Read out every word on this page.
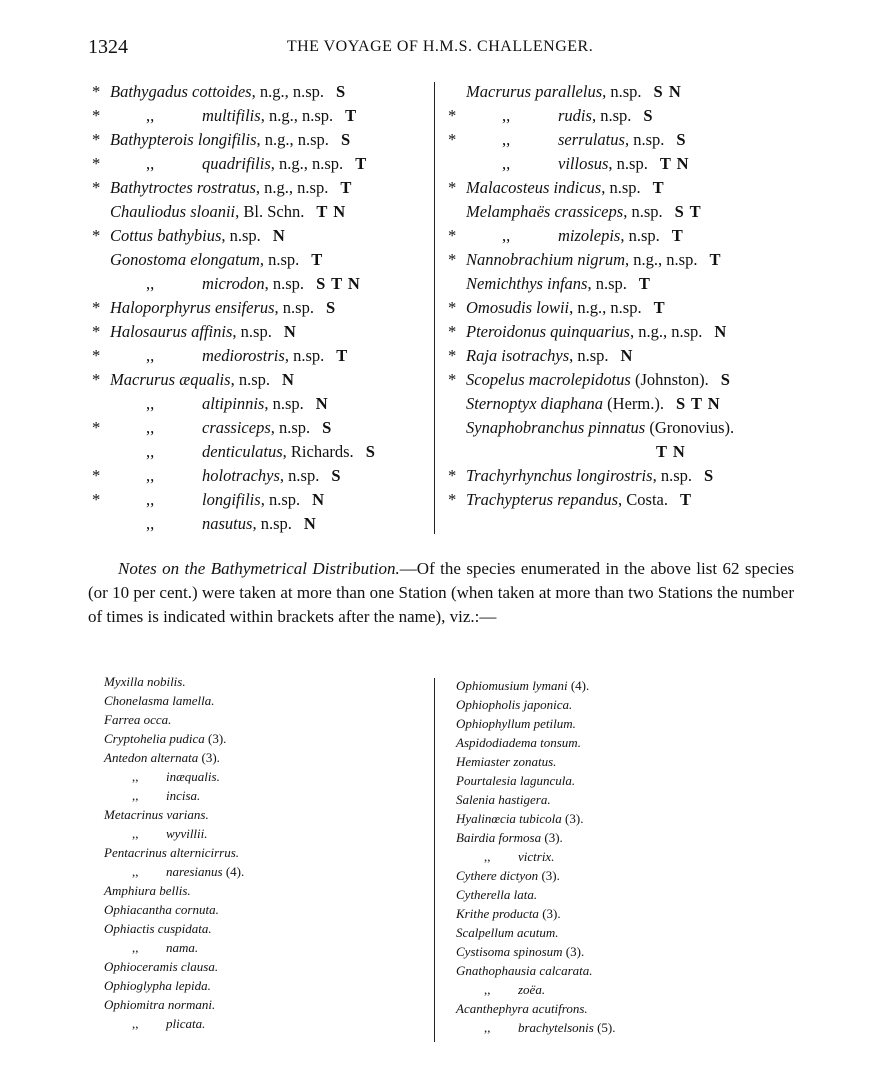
1324	THE VOYAGE OF H.M.S. CHALLENGER.
* Bathygadus cottoides, n.g., n.sp. S
*	,,	multifilis, n.g., n.sp. T
* Bathypterois longifilis, n.g., n.sp. S
*	,,	quadrifilis, n.g., n.sp. T
* Bathytroctes rostratus, n.g., n.sp. T
Chauliodus sloanii, Bl. Schn. T N
* Cottus bathybius, n.sp. N
Gonostoma elongatum, n.sp. T
,,	microdon, n.sp. S T N
* Haloporphyrus ensiferus, n.sp. S
* Halosaurus affinis, n.sp. N
*	,,	mediorostris, n.sp. T
* Macrurus æqualis, n.sp. N
,,	altipinnis, n.sp. N
*	,,	crassiceps, n.sp. S
,,	denticulatus, Richards. S
*	,,	holotrachys, n.sp. S
*	,,	longifilis, n.sp. N
,,	nasutus, n.sp. N
Macrurus parallelus, n.sp. S N
*	,,	rudis, n.sp. S
*	,,	serrulatus, n.sp. S
,,	villosus, n.sp. T N
* Malacosteus indicus, n.sp. T
Melamphaës crassiceps, n.sp. S T
*	,,	mizolepis, n.sp. T
* Nannobrachium nigrum, n.g., n.sp. T
Nemichthys infans, n.sp. T
* Omosudis lowii, n.g., n.sp. T
* Pteroidonus quinquarius, n.g., n.sp. N
* Raja isotrachys, n.sp. N
* Scopelus macrolepidotus (Johnston). S
Sternoptyx diaphana (Herm.). S T N
Synaphobranchus pinnatus (Gronovius).
T N
* Trachyrhynchus longirostris, n.sp. S
* Trachypterus repandus, Costa. T
Notes on the Bathymetrical Distribution.—Of the species enumerated in the above list 62 species (or 10 per cent.) were taken at more than one Station (when taken at more than two Stations the number of times is indicated within brackets after the name), viz.:—
Myxilla nobilis.
Chonelasma lamella.
Farrea occa.
Cryptohelia pudica (3).
Antedon alternata (3).
,, inæqualis.
,, incisa.
Metacrinus varians.
,, wyvillii.
Pentacrinus alternicirrus.
,, naresianus (4).
Amphiura bellis.
Ophiacantha cornuta.
Ophiactis cuspidata.
,, nama.
Ophioceramis clausa.
Ophioglypha lepida.
Ophiomitra normani.
,, plicata.
Ophiomusium lymani (4).
Ophiopholis japonica.
Ophiophyllum petilum.
Aspidodiadema tonsum.
Hemiaster zonatus.
Pourtalesia laguncula.
Salenia hastigera.
Hyalinœcia tubicola (3).
Bairdia formosa (3).
,, victrix.
Cythere dictyon (3).
Cytherella lata.
Krithe producta (3).
Scalpellum acutum.
Cystisoma spinosum (3).
Gnathophausia calcarata.
,, zoëa.
Acanthephyra acutifrons.
,, brachytelsonis (5).
